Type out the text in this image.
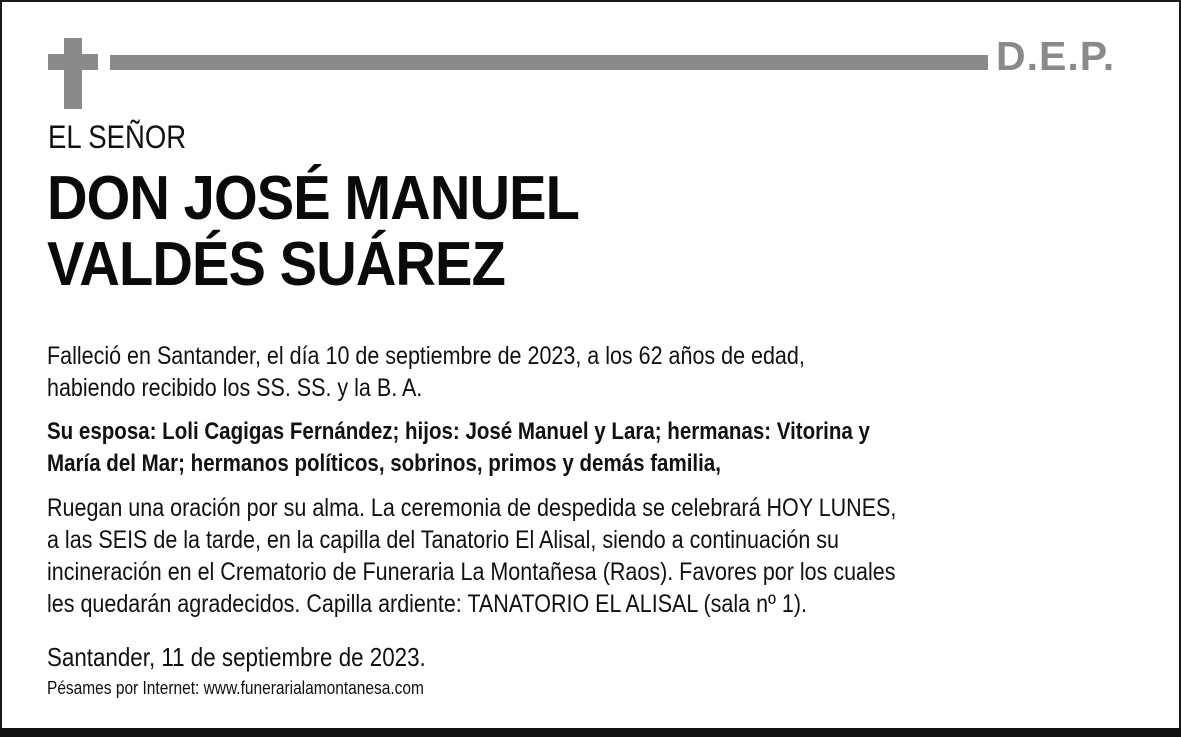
D.E.P.
EL SEÑOR
DON JOSÉ MANUEL
VALDÉS SUÁREZ
Falleció en Santander, el día 10 de septiembre de 2023, a los 62 años de edad,
habiendo recibido los SS. SS. y la B. A.
Su esposa: Loli Cagigas Fernández; hijos: José Manuel y Lara; hermanas: Vitorina y
María del Mar; hermanos políticos, sobrinos, primos y demás familia,
Ruegan una oración por su alma. La ceremonia de despedida se celebrará HOY LUNES,
a las SEIS de la tarde, en la capilla del Tanatorio El Alisal, siendo a continuación su
incineración en el Crematorio de Funeraria La Montañesa (Raos). Favores por los cuales
les quedarán agradecidos. Capilla ardiente: TANATORIO EL ALISAL (sala nº 1).
Santander, 11 de septiembre de 2023.
Pésames por Internet: www.funerarialamontanesa.com
